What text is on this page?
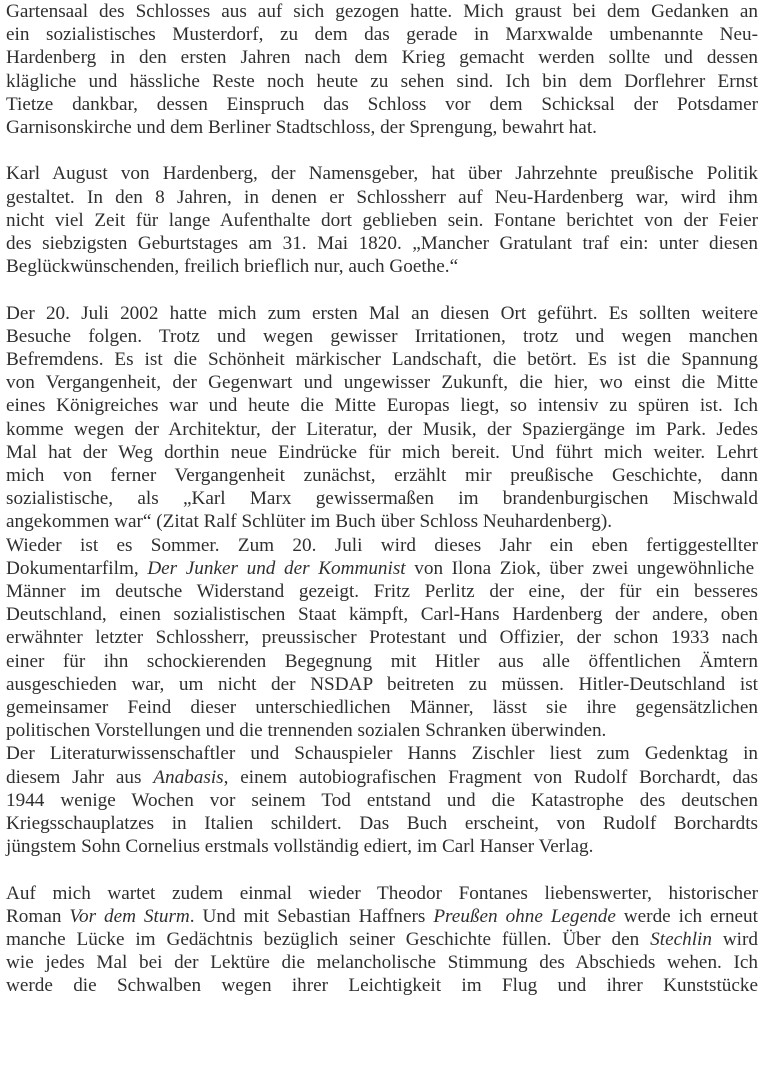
Gartensaal des Schlosses aus auf sich gezogen hatte. Mich graust bei dem Gedanken an
ein sozialistisches Musterdorf, zu dem das gerade in Marxwalde umbenannte Neu-
Hardenberg in den ersten Jahren nach dem Krieg gemacht werden sollte und dessen
klägliche und hässliche Reste noch heute zu sehen sind. Ich bin dem Dorflehrer Ernst
Tietze dankbar, dessen Einspruch das Schloss vor dem Schicksal der Potsdamer
Garnisonskirche und dem Berliner Stadtschloss, der Sprengung, bewahrt hat.
Karl August von Hardenberg, der Namensgeber, hat über Jahrzehnte preußische Politik
gestaltet. In den 8 Jahren, in denen er Schlossherr auf Neu-Hardenberg war, wird ihm
nicht viel Zeit für lange Aufenthalte dort geblieben sein. Fontane berichtet von der Feier
des siebzigsten Geburtstages am 31. Mai 1820. „Mancher Gratulant traf ein: unter diesen
Beglückwünschenden, freilich brieflich nur, auch Goethe.“
Der 20. Juli 2002 hatte mich zum ersten Mal an diesen Ort geführt. Es sollten weitere
Besuche folgen. Trotz und wegen gewisser Irritationen, trotz und wegen manchen
Befremdens. Es ist die Schönheit märkischer Landschaft, die betört. Es ist die Spannung
von Vergangenheit, der Gegenwart und ungewisser Zukunft, die hier, wo einst die Mitte
eines Königreiches war und heute die Mitte Europas liegt, so intensiv zu spüren ist. Ich
komme wegen der Architektur, der Literatur, der Musik, der Spaziergänge im Park. Jedes
Mal hat der Weg dorthin neue Eindrücke für mich bereit. Und führt mich weiter. Lehrt
mich von ferner Vergangenheit zunächst, erzählt mir preußische Geschichte, dann
sozialistische, als „Karl Marx gewissermaßen im brandenburgischen Mischwald
angekommen war“ (Zitat Ralf Schlüter im Buch über Schloss Neuhardenberg).
Wieder ist es Sommer. Zum 20. Juli wird dieses Jahr ein eben fertiggestellter
Dokumentarfilm, Der Junker und der Kommunist von Ilona Ziok, über zwei ungewöhnliche
Männer im deutsche Widerstand gezeigt. Fritz Perlitz der eine, der für ein besseres
Deutschland, einen sozialistischen Staat kämpft, Carl-Hans Hardenberg der andere, oben
erwähnter letzter Schlossherr, preussischer Protestant und Offizier, der schon 1933 nach
einer für ihn schockierenden Begegnung mit Hitler aus alle öffentlichen Ämtern
ausgeschieden war, um nicht der NSDAP beitreten zu müssen. Hitler-Deutschland ist
gemeinsamer Feind dieser unterschiedlichen Männer, lässt sie ihre gegensätzlichen
politischen Vorstellungen und die trennenden sozialen Schranken überwinden.
Der Literaturwissenschaftler und Schauspieler Hanns Zischler liest zum Gedenktag in
diesem Jahr aus Anabasis, einem autobiografischen Fragment von Rudolf Borchardt, das
1944 wenige Wochen vor seinem Tod entstand und die Katastrophe des deutschen
Kriegsschauplatzes in Italien schildert. Das Buch erscheint, von Rudolf Borchardts
jüngstem Sohn Cornelius erstmals vollständig ediert, im Carl Hanser Verlag.
Auf mich wartet zudem einmal wieder Theodor Fontanes liebenswerter, historischer
Roman Vor dem Sturm. Und mit Sebastian Haffners Preußen ohne Legende werde ich erneut
manche Lücke im Gedächtnis bezüglich seiner Geschichte füllen. Über den Stechlin wird
wie jedes Mal bei der Lektüre die melancholische Stimmung des Abschieds wehen. Ich
werde die Schwalben wegen ihrer Leichtigkeit im Flug und ihrer Kunststücke
